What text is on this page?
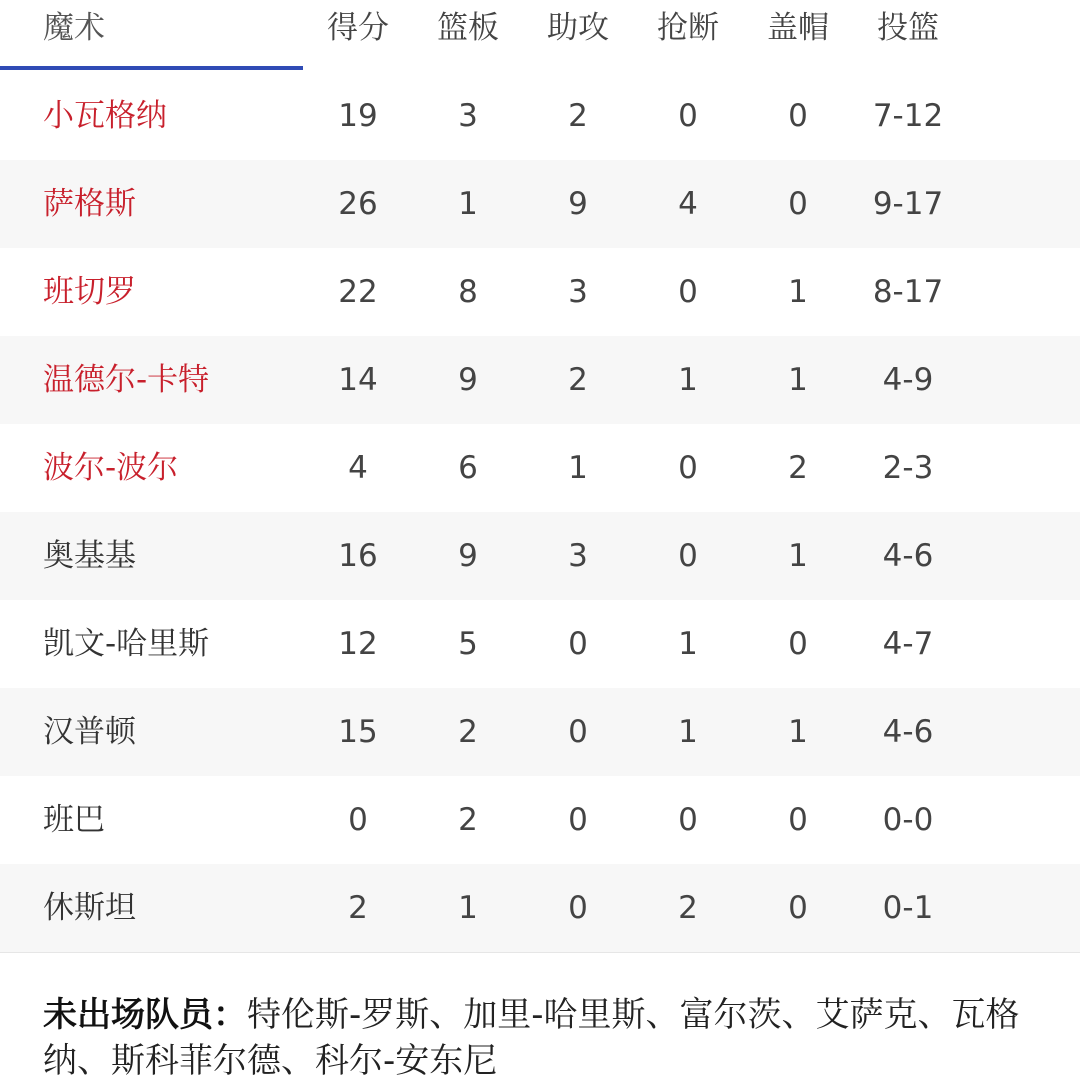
魔术	得分	篮板	助攻	抢断	盖帽	投篮
小瓦格纳	19	3	2	0	0	7-12
萨格斯	26	1	9	4	0	9-17
班切罗	22	8	3	0	1	8-17
温德尔-卡特	14	9	2	1	1	4-9
波尔-波尔	4	6	1	0	2	2-3
奥基基	16	9	3	0	1	4-6
凯文-哈里斯	12	5	0	1	0	4-7
汉普顿	15	2	0	1	1	4-6
班巴	0	2	0	0	0	0-0
休斯坦	2	1	0	2	0	0-1
未出场队员：特伦斯-罗斯、加里-哈里斯、富尔茨、艾萨克、瓦格纳、斯科菲尔德、科尔-安东尼
